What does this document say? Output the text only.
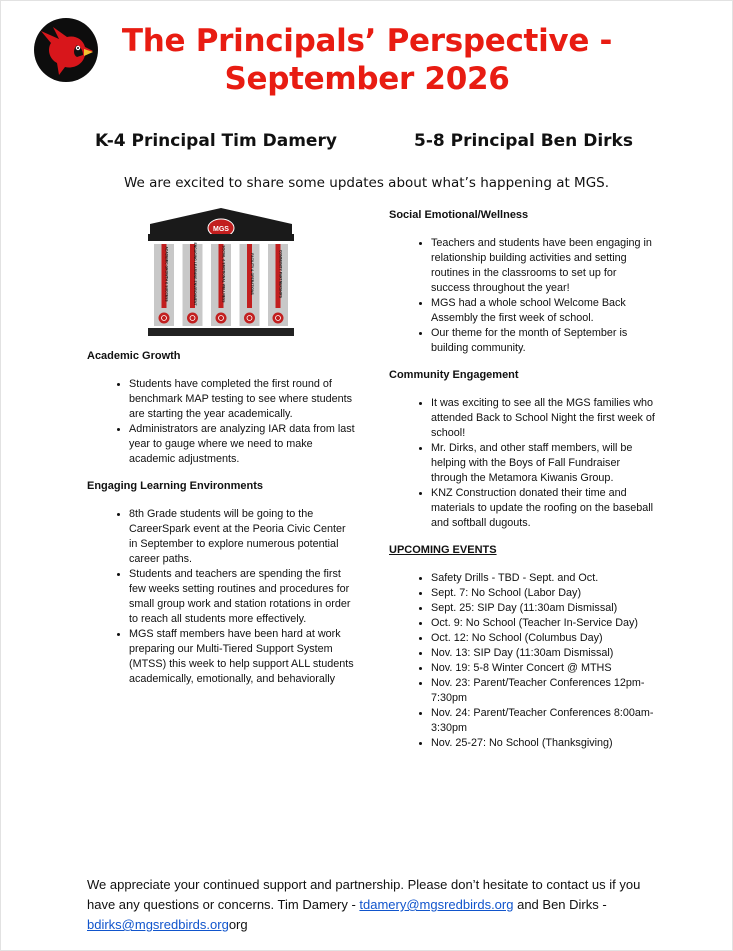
The Principals’ Perspective -
September 2026
K-4 Principal Tim Damery	5-8 Principal Ben Dirks
We are excited to share some updates about what’s happening at MGS.
MGS
ACADEMIC GROWTH & SUCCESS	ENGAGING LEARNING ENVIRONMENT	SOCIAL & EMOTIONAL WELLNESS	FACILITY & OPERATIONS	COMMUNITY PARTNERSHIPS
Academic Growth
• Students have completed the first round of benchmark MAP testing to see where students are starting the year academically.
• Administrators are analyzing IAR data from last year to gauge where we need to make academic adjustments.
Engaging Learning Environments
• 8th Grade students will be going to the CareerSpark event at the Peoria Civic Center in September to explore numerous potential career paths.
• Students and teachers are spending the first few weeks setting routines and procedures for small group work and station rotations in order to reach all students more effectively.
• MGS staff members have been hard at work preparing our Multi-Tiered Support System (MTSS) this week to help support ALL students academically, emotionally, and behaviorally
Social Emotional/Wellness
• Teachers and students have been engaging in relationship building activities and setting routines in the classrooms to set up for success throughout the year!
• MGS had a whole school Welcome Back Assembly the first week of school.
• Our theme for the month of September is building community.
Community Engagement
• It was exciting to see all the MGS families who attended Back to School Night the first week of school!
• Mr. Dirks, and other staff members, will be helping with the Boys of Fall Fundraiser through the Metamora Kiwanis Group.
• KNZ Construction donated their time and materials to update the roofing on the baseball and softball dugouts.
UPCOMING EVENTS
• Safety Drills - TBD - Sept. and Oct.
• Sept. 7: No School (Labor Day)
• Sept. 25: SIP Day (11:30am Dismissal)
• Oct. 9: No School (Teacher In-Service Day)
• Oct. 12: No School (Columbus Day)
• Nov. 13: SIP Day (11:30am Dismissal)
• Nov. 19: 5-8 Winter Concert @ MTHS
• Nov. 23: Parent/Teacher Conferences 12pm-7:30pm
• Nov. 24: Parent/Teacher Conferences 8:00am-3:30pm
• Nov. 25-27: No School (Thanksgiving)
We appreciate your continued support and partnership. Please don’t hesitate to contact us if you have any questions or concerns. Tim Damery - tdamery@mgsredbirds.org and Ben Dirks - bdirks@mgsredbirds.orgorg
